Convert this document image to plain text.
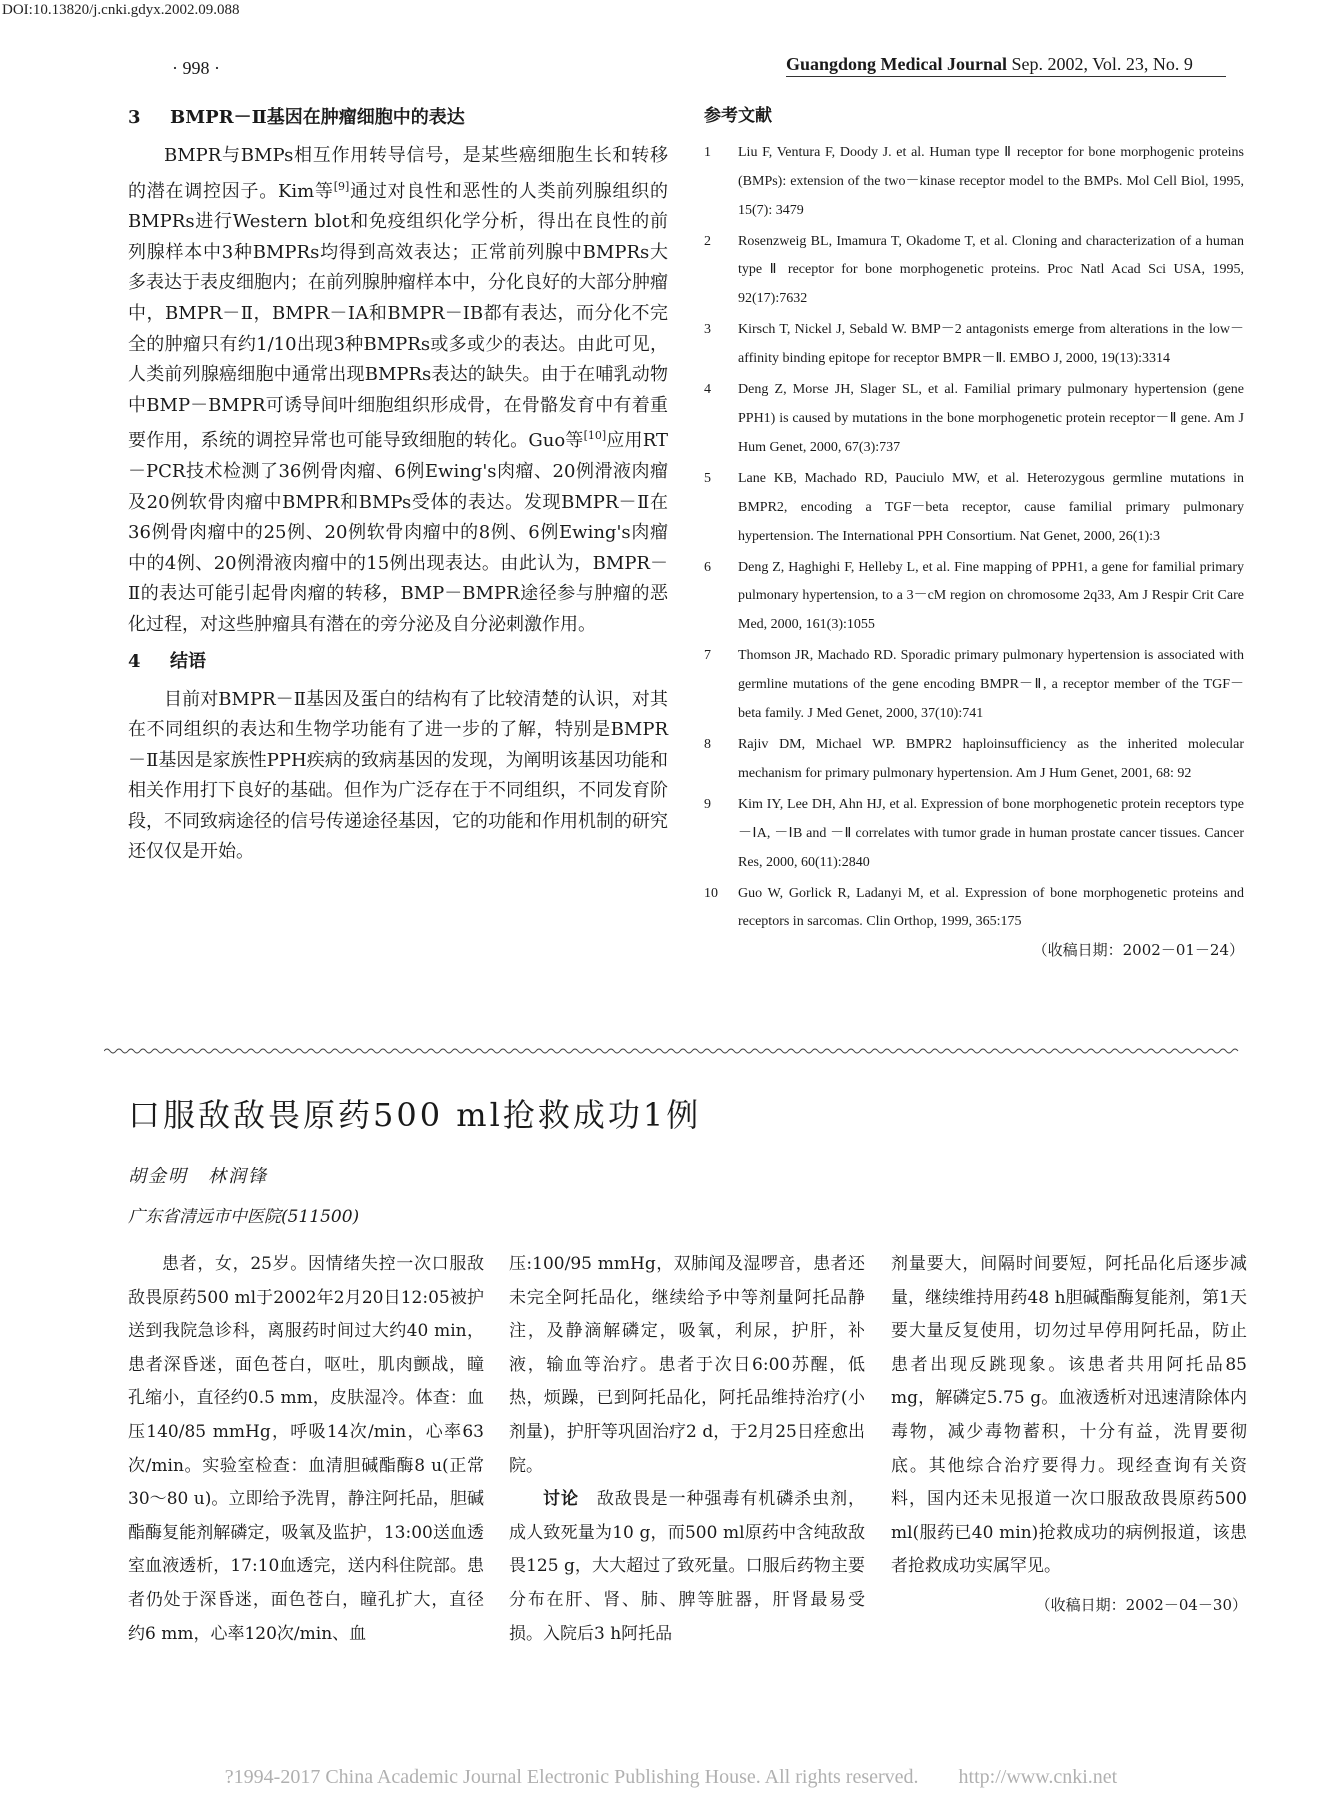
DOI:10.13820/j.cnki.gdyx.2002.09.088
· 998 ·	Guangdong Medical Journal Sep. 2002, Vol. 23, No. 9
3 BMPR－Ⅱ基因在肿瘤细胞中的表达

BMPR与BMPs相互作用转导信号，是某些癌细胞生长和转移的潜在调控因子。Kim等[9]通过对良性和恶性的人类前列腺组织的BMPRs进行Western blot和免疫组织化学分析，得出在良性的前列腺样本中3种BMPRs均得到高效表达；正常前列腺中BMPRs大多表达于表皮细胞内；在前列腺肿瘤样本中，分化良好的大部分肿瘤中，BMPR－Ⅱ，BMPR－ⅠA和BMPR－IB都有表达，而分化不完全的肿瘤只有约1/10出现3种BMPRs或多或少的表达。由此可见，人类前列腺癌细胞中通常出现BMPRs表达的缺失。由于在哺乳动物中BMP－BMPR可诱导间叶细胞组织形成骨，在骨骼发育中有着重要作用，系统的调控异常也可能导致细胞的转化。Guo等[10]应用RT－PCR技术检测了36例骨肉瘤、6例Ewing's肉瘤、20例滑液肉瘤及20例软骨肉瘤中BMPR和BMPs受体的表达。发现BMPR－Ⅱ在36例骨肉瘤中的25例、20例软骨肉瘤中的8例、6例Ewing's肉瘤中的4例、20例滑液肉瘤中的15例出现表达。由此认为，BMPR－Ⅱ的表达可能引起骨肉瘤的转移，BMP－BMPR途径参与肿瘤的恶化过程，对这些肿瘤具有潜在的旁分泌及自分泌刺激作用。

4 结语

目前对BMPR－Ⅱ基因及蛋白的结构有了比较清楚的认识，对其在不同组织的表达和生物学功能有了进一步的了解，特别是BMPR－Ⅱ基因是家族性PPH疾病的致病基因的发现，为阐明该基因功能和相关作用打下良好的基础。但作为广泛存在于不同组织，不同发育阶段，不同致病途径的信号传递途径基因，它的功能和作用机制的研究还仅仅是开始。

参考文献
1	Liu F, Ventura F, Doody J. et al. Human type Ⅱ receptor for bone morphogenic proteins (BMPs): extension of the two－kinase receptor model to the BMPs. Mol Cell Biol, 1995, 15(7): 3479
2	Rosenzweig BL, Imamura T, Okadome T, et al. Cloning and characterization of a human type Ⅱ receptor for bone morphogenetic proteins. Proc Natl Acad Sci USA, 1995, 92(17):7632
3	Kirsch T, Nickel J, Sebald W. BMP－2 antagonists emerge from alterations in the low－affinity binding epitope for receptor BMPR－Ⅱ. EMBO J, 2000, 19(13):3314
4	Deng Z, Morse JH, Slager SL, et al. Familial primary pulmonary hypertension (gene PPH1) is caused by mutations in the bone morphogenetic protein receptor－Ⅱ gene. Am J Hum Genet, 2000, 67(3):737
5	Lane KB, Machado RD, Pauciulo MW, et al. Heterozygous germline mutations in BMPR2, encoding a TGF－beta receptor, cause familial primary pulmonary hypertension. The International PPH Consortium. Nat Genet, 2000, 26(1):3
6	Deng Z, Haghighi F, Helleby L, et al. Fine mapping of PPH1, a gene for familial primary pulmonary hypertension, to a 3－cM region on chromosome 2q33, Am J Respir Crit Care Med, 2000, 161(3):1055
7	Thomson JR, Machado RD. Sporadic primary pulmonary hypertension is associated with germline mutations of the gene encoding BMPR－Ⅱ, a receptor member of the TGF－beta family. J Med Genet, 2000, 37(10):741
8	Rajiv DM, Michael WP. BMPR2 haploinsufficiency as the inherited molecular mechanism for primary pulmonary hypertension. Am J Hum Genet, 2001, 68: 92
9	Kim IY, Lee DH, Ahn HJ, et al. Expression of bone morphogenetic protein receptors type－ⅠA, －ⅠB and －Ⅱ correlates with tumor grade in human prostate cancer tissues. Cancer Res, 2000, 60(11):2840
10	Guo W, Gorlick R, Ladanyi M, et al. Expression of bone morphogenetic proteins and receptors in sarcomas. Clin Orthop, 1999, 365:175
（收稿日期：2002－01－24）
口服敌敌畏原药500 ml抢救成功1例
胡金明　林润锋
广东省清远市中医院(511500)

患者，女，25岁。因情绪失控一次口服敌敌畏原药500 ml于2002年2月20日12:05被护送到我院急诊科，离服药时间过大约40 min，患者深昏迷，面色苍白，呕吐，肌肉颤战，瞳孔缩小，直径约0.5 mm，皮肤湿冷。体查：血压140/85 mmHg，呼吸14次/min，心率63次/min。实验室检查：血清胆碱酯酶8 u(正常30～80 u)。立即给予洗胃，静注阿托品，胆碱酯酶复能剂解磷定，吸氧及监护，13:00送血透室血液透析，17:10血透完，送内科住院部。患者仍处于深昏迷，面色苍白，瞳孔扩大，直径约6 mm，心率120次/min、血

压:100/95 mmHg，双肺闻及湿啰音，患者还未完全阿托品化，继续给予中等剂量阿托品静注，及静滴解磷定，吸氧，利尿，护肝，补液，输血等治疗。患者于次日6:00苏醒，低热，烦躁，已到阿托品化，阿托品维持治疗(小剂量)，护肝等巩固治疗2 d，于2月25日痊愈出院。

讨论　敌敌畏是一种强毒有机磷杀虫剂，成人致死量为10 g，而500 ml原药中含纯敌敌畏125 g，大大超过了致死量。口服后药物主要分布在肝、肾、肺、脾等脏器，肝肾最易受损。入院后3 h阿托品

剂量要大，间隔时间要短，阿托品化后逐步减量，继续维持用药48 h胆碱酯酶复能剂，第1天要大量反复使用，切勿过早停用阿托品，防止患者出现反跳现象。该患者共用阿托品85 mg，解磷定5.75 g。血液透析对迅速清除体内毒物，减少毒物蓄积，十分有益，洗胃要彻底。其他综合治疗要得力。现经查询有关资料，国内还未见报道一次口服敌敌畏原药500 ml(服药已40 min)抢救成功的病例报道，该患者抢救成功实属罕见。

（收稿日期：2002－04－30）
?1994-2017 China Academic Journal Electronic Publishing House. All rights reserved.　　http://www.cnki.net
